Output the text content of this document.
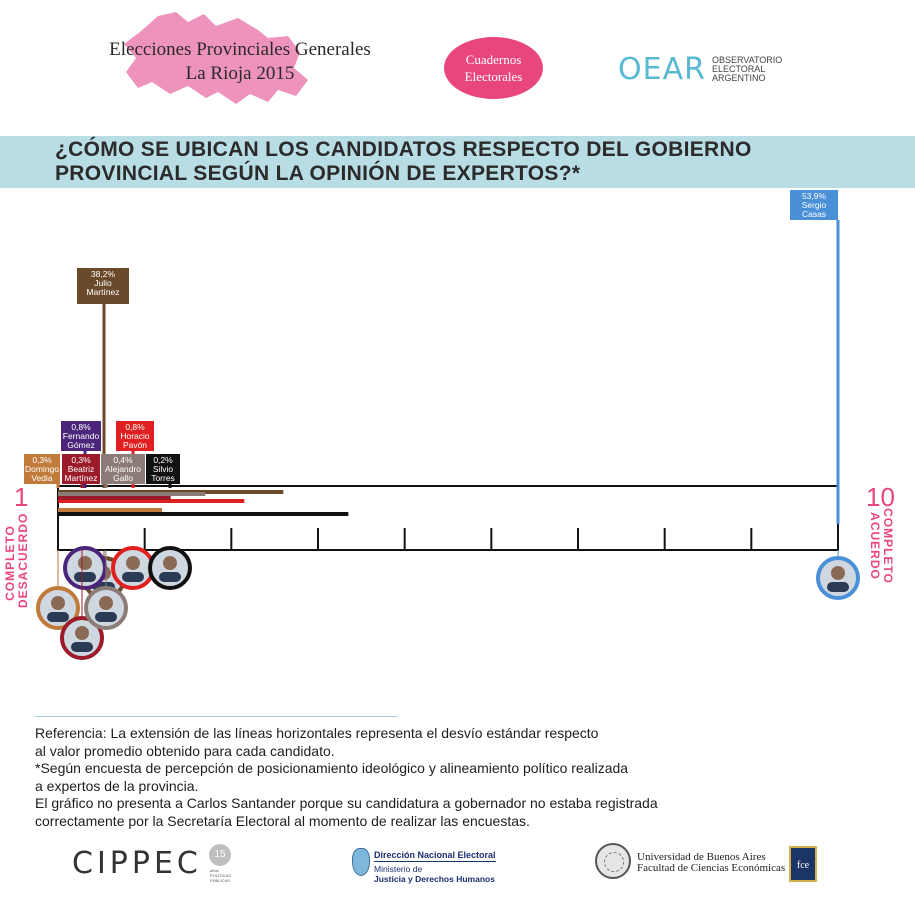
Elecciones Provinciales Generales
La Rioja 2015
Cuadernos
Electorales	OEAR OBSERVATORIO
ELECTORAL
ARGENTINO
¿CÓMO SE UBICAN LOS CANDIDATOS RESPECTO DEL GOBIERNO PROVINCIAL SEGÚN LA OPINIÓN DE EXPERTOS?*
53,9%
Sergio
Casas
38,2%
Julio
Martínez
0,8%
Fernando
Gómez
0,8%
Horacio
Pavón
0,3%
Domingo
Vedia
0,3%
Beatriz
Martínez
0,4%
Alejandro
Gallo
0,2%
Silvio
Torres
1
COMPLETO
DESACUERDO
10
COMPLETO
ACUERDO

Referencia: La extensión de las líneas horizontales representa el desvío estándar respecto

al valor promedio obtenido para cada candidato.

*Según encuesta de percepción de posicionamiento ideológico y alineamiento político realizada

a expertos de la provincia.

El gráfico no presenta a Carlos Santander porque su candidatura a gobernador no estaba registrada

correctamente por la Secretaría Electoral al momento de realizar las encuestas.

CIPPEC	15
años
POLÍTICAS
PÚBLICAS
Dirección Nacional Electoral
Ministerio de
Justicia y Derechos Humanos
Universidad de Buenos Aires
Facultad de Ciencias Económicas	fce
